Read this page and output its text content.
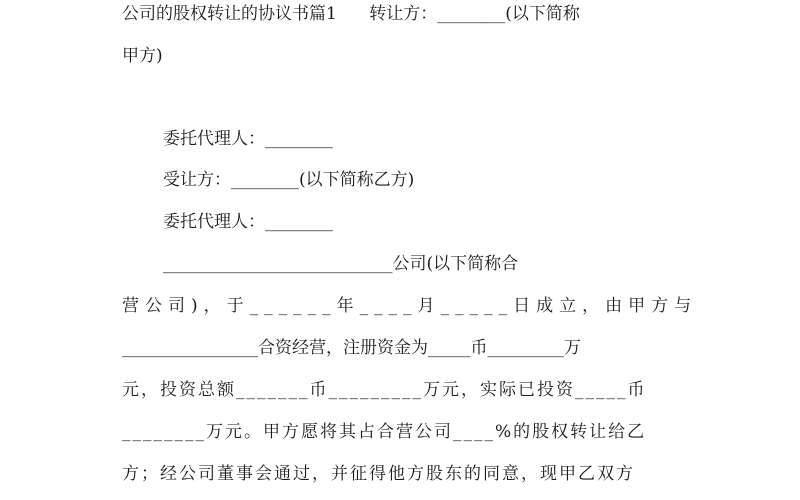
公司的股权转让的协议书篇1      转让方：________(以下简称
甲方)
委托代理人：________
受让方：________(以下简称乙方)
委托代理人：________
___________________________公司(以下简称合
营公司)，于______年____月_____日成立，由甲方与
________________合资经营，注册资金为_____币_________万
元，投资总额_______币_________万元，实际已投资_____币
________万元。甲方愿将其占合营公司____%的股权转让给乙
方；经公司董事会通过，并征得他方股东的同意，现甲乙双方
